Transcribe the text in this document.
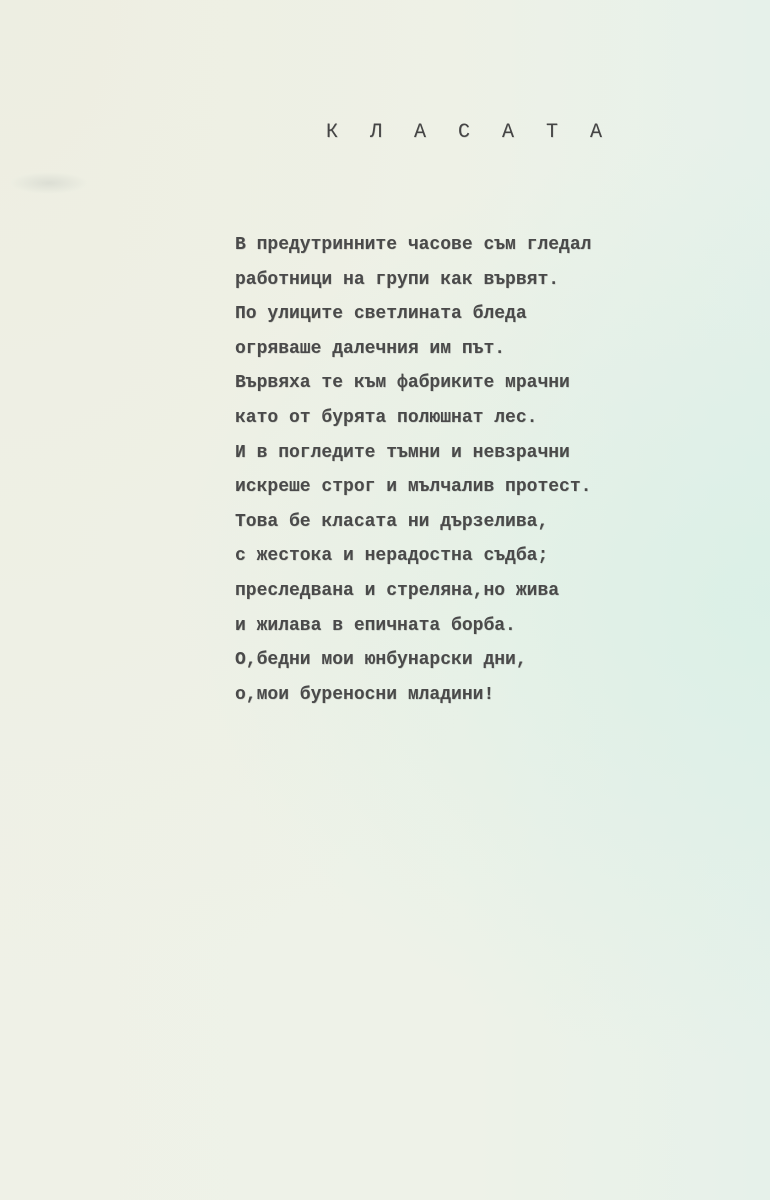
К Л А С А Т А
В предутринните часове съм гледал
работници на групи как вървят.
По улиците светлината бледа
огряваше далечния им път.
Вървяха те към фабриките мрачни
като от бурята полюшнат лес.
И в погледите тъмни и невзрачни
искреше строг и мълчалив протест.
Това бе класата ни дързелива,
с жестока и нерадостна съдба;
преследвана и стреляна,но жива
и жилава в епичната борба.
О,бедни мои юнбунарски дни,
о,мои буреносни младини!
